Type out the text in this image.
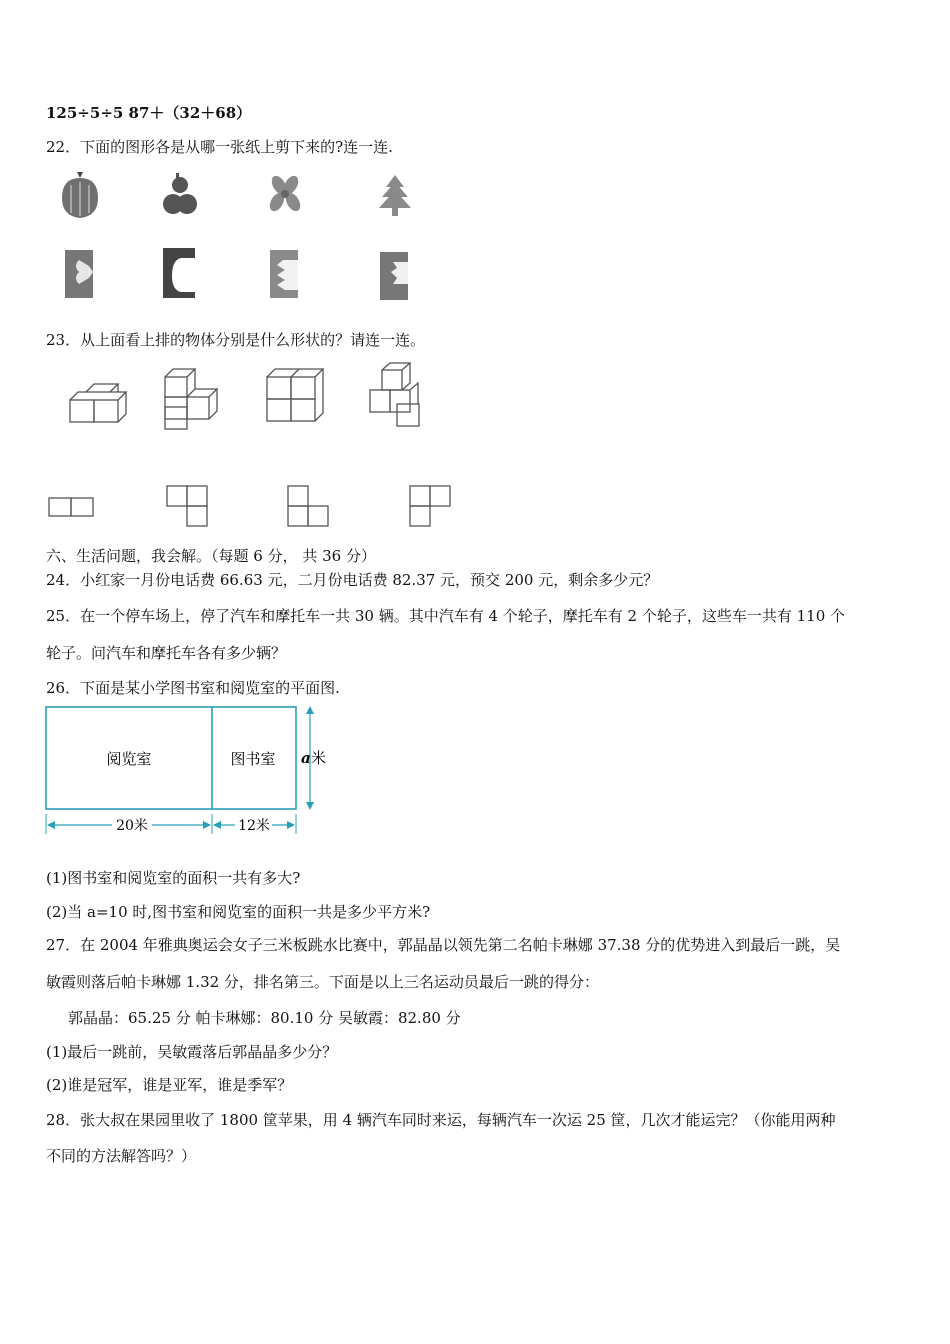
125÷5÷5 87＋（32＋68）
22．下面的图形各是从哪一张纸上剪下来的?连一连.
23．从上面看上排的物体分别是什么形状的？请连一连。
六、生活问题，我会解。（每题 6 分， 共 36 分）
24．小红家一月份电话费 66.63 元，二月份电话费 82.37 元，预交 200 元，剩余多少元？
25．在一个停车场上，停了汽车和摩托车一共 30 辆。其中汽车有 4 个轮子，摩托车有 2 个轮子，这些车一共有 110 个
轮子。问汽车和摩托车各有多少辆？
26．下面是某小学图书室和阅览室的平面图.
阅览室	图书室 a 米
20米	12米
(1)图书室和阅览室的面积一共有多大?
(2)当 a=10 时,图书室和阅览室的面积一共是多少平方米?
27．在 2004 年雅典奥运会女子三米板跳水比赛中，郭晶晶以领先第二名帕卡琳娜 37.38 分的优势进入到最后一跳，吴
敏霞则落后帕卡琳娜 1.32 分，排名第三。下面是以上三名运动员最后一跳的得分：
郭晶晶：65.25 分 帕卡琳娜：80.10 分 吴敏霞：82.80 分
(1)最后一跳前，吴敏霞落后郭晶晶多少分？
(2)谁是冠军，谁是亚军，谁是季军？
28．张大叔在果园里收了 1800 筐苹果，用 4 辆汽车同时来运，每辆汽车一次运 25 筐，几次才能运完？（你能用两种
不同的方法解答吗？）
